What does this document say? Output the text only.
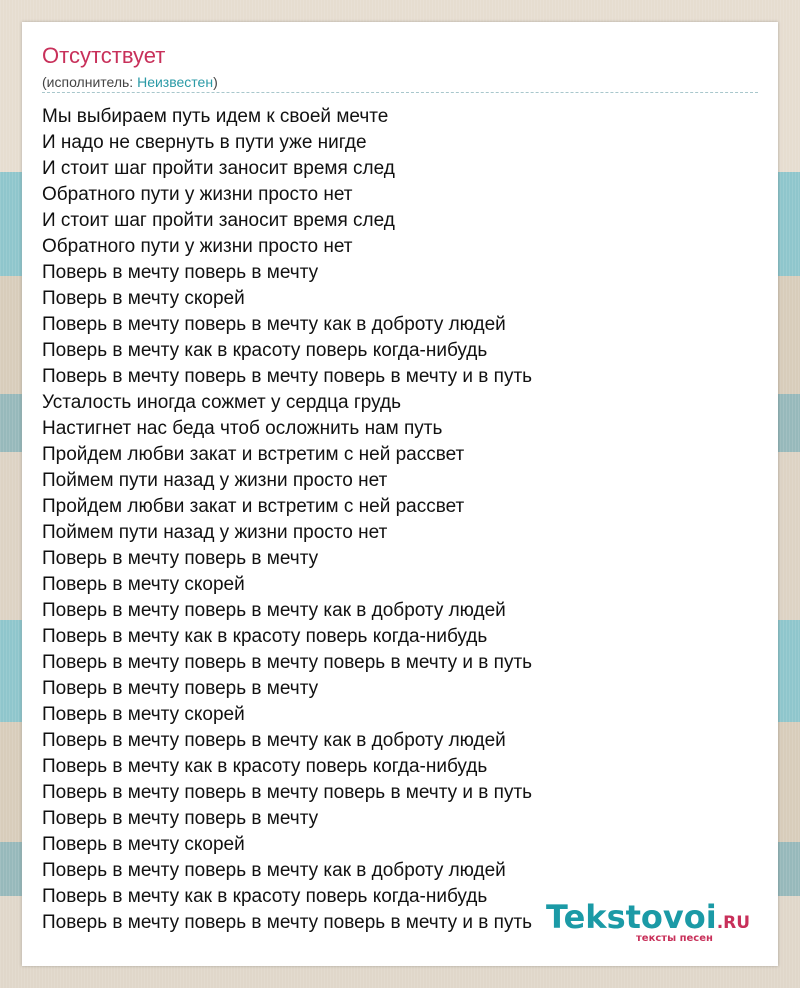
Отсутствует
(исполнитель: Неизвестен)
Мы выбираем путь идем к своей мечте
И надо не свернуть в пути уже нигде
И стоит шаг пройти заносит время след
Обратного пути у жизни просто нет
И стоит шаг пройти заносит время след
Обратного пути у жизни просто нет
Поверь в мечту поверь в мечту
Поверь в мечту скорей
Поверь в мечту поверь в мечту как в доброту людей
Поверь в мечту как в красоту поверь когда-нибудь
Поверь в мечту поверь в мечту поверь в мечту и в путь
Усталость иногда сожмет у сердца грудь
Настигнет нас беда чтоб осложнить нам путь
Пройдем любви закат и встретим с ней рассвет
Поймем пути назад у жизни просто нет
Пройдем любви закат и встретим с ней рассвет
Поймем пути назад у жизни просто нет
Поверь в мечту поверь в мечту
Поверь в мечту скорей
Поверь в мечту поверь в мечту как в доброту людей
Поверь в мечту как в красоту поверь когда-нибудь
Поверь в мечту поверь в мечту поверь в мечту и в путь
Поверь в мечту поверь в мечту
Поверь в мечту скорей
Поверь в мечту поверь в мечту как в доброту людей
Поверь в мечту как в красоту поверь когда-нибудь
Поверь в мечту поверь в мечту поверь в мечту и в путь
Поверь в мечту поверь в мечту
Поверь в мечту скорей
Поверь в мечту поверь в мечту как в доброту людей
Поверь в мечту как в красоту поверь когда-нибудь
Поверь в мечту поверь в мечту поверь в мечту и в путь Tekstovoi.RU
тексты песен
